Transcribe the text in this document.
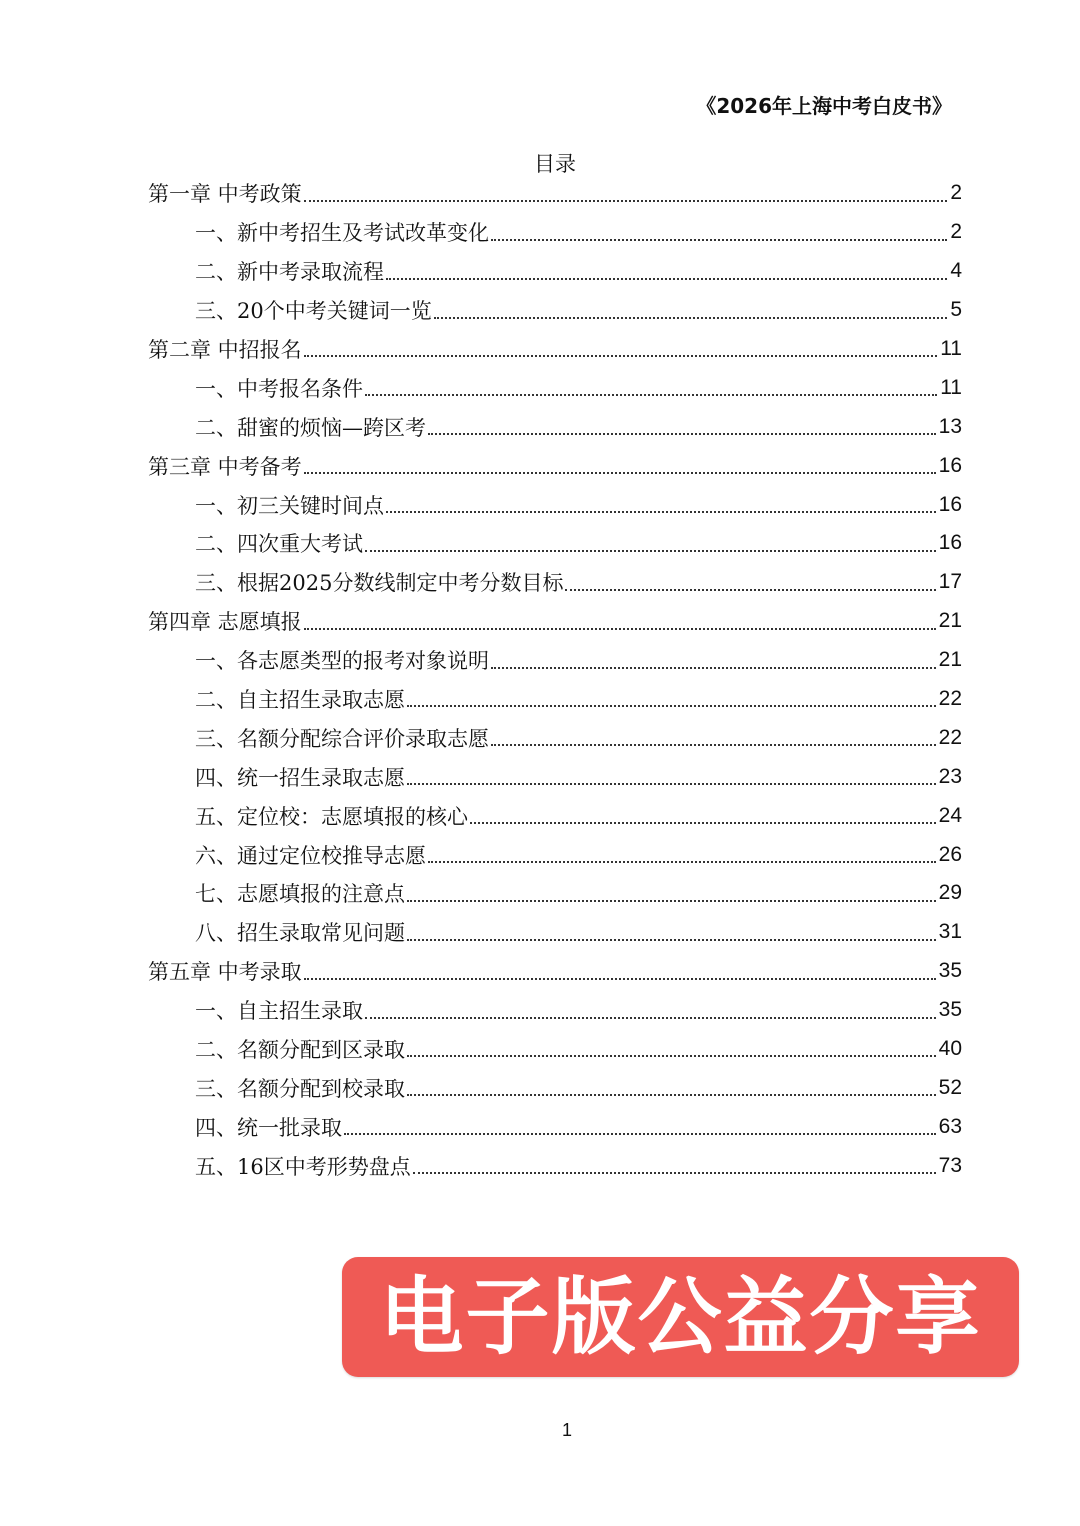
《2026年上海中考白皮书》
目录
第一章 中考政策	2
一、新中考招生及考试改革变化	2
二、新中考录取流程	4
三、20个中考关键词一览	5
第二章 中招报名	11
一、中考报名条件	11
二、甜蜜的烦恼—跨区考	13
第三章 中考备考	16
一、初三关键时间点	16
二、四次重大考试	16
三、根据2025分数线制定中考分数目标	17
第四章 志愿填报	21
一、各志愿类型的报考对象说明	21
二、自主招生录取志愿	22
三、名额分配综合评价录取志愿	22
四、统一招生录取志愿	23
五、定位校：志愿填报的核心	24
六、通过定位校推导志愿	26
七、志愿填报的注意点	29
八、招生录取常见问题	31
第五章 中考录取	35
一、自主招生录取	35
二、名额分配到区录取	40
三、名额分配到校录取	52
四、统一批录取	63
五、16区中考形势盘点	73
电子版公益分享
1
